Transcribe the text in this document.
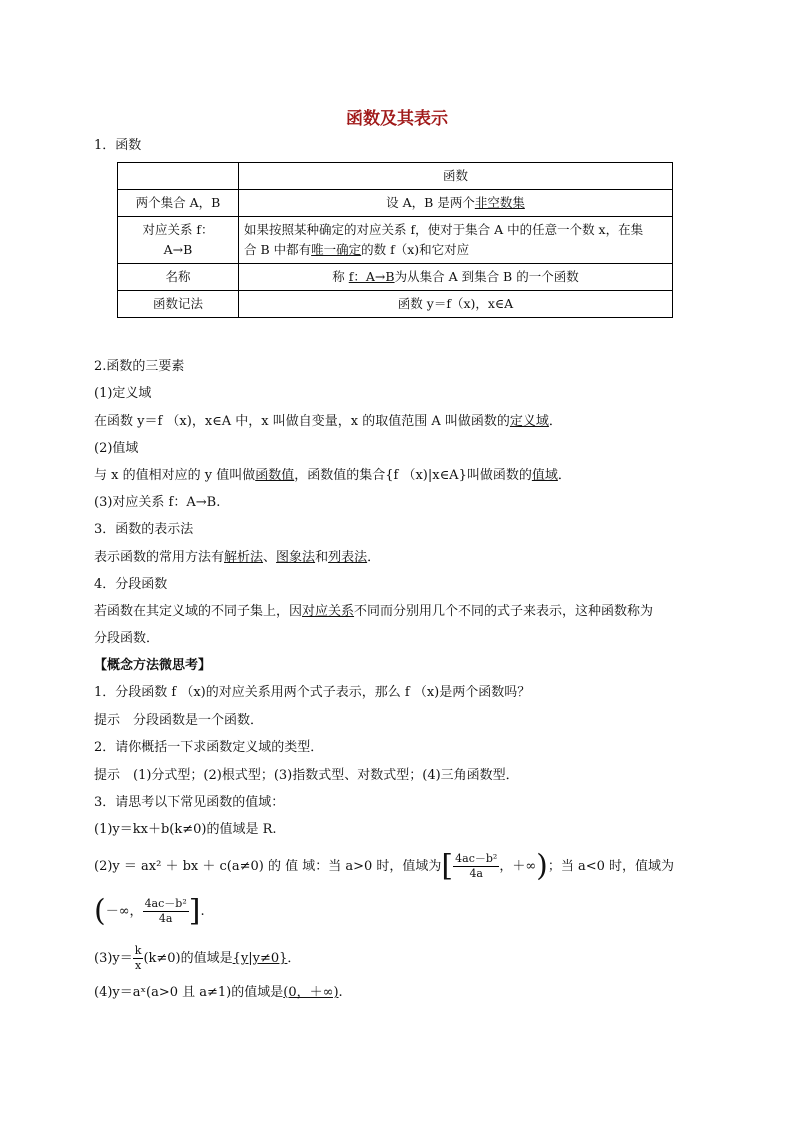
函数及其表示
1．函数
	函数
两个集合 A，B	设 A，B 是两个非空数集
对应关系 f：
A→B	如果按照某种确定的对应关系 f，使对于集合 A 中的任意一个数 x，在集
合 B 中都有唯一确定的数 f（x)和它对应
名称	称 f：A→B为从集合 A 到集合 B 的一个函数
函数记法	函数 y＝f（x)，x∈A
2.函数的三要素
(1)定义域
在函数 y＝f （x)，x∈A 中，x 叫做自变量，x 的取值范围 A 叫做函数的定义域．
(2)值域
与 x 的值相对应的 y 值叫做函数值，函数值的集合{f （x)|x∈A}叫做函数的值域．
(3)对应关系 f：A→B.
3．函数的表示法
表示函数的常用方法有解析法、图象法和列表法．
4．分段函数
若函数在其定义域的不同子集上，因对应关系不同而分别用几个不同的式子来表示，这种函数称为
分段函数．
【概念方法微思考】
1．分段函数 f （x)的对应关系用两个式子表示，那么 f （x)是两个函数吗？
提示　分段函数是一个函数．
2．请你概括一下求函数定义域的类型．
提示　(1)分式型；(2)根式型；(3)指数式型、对数式型；(4)三角函数型．
3．请思考以下常见函数的值域：
(1)y＝kx＋b(k≠0)的值域是 R.
(2)y ＝ ax² ＋ bx ＋ c(a≠0) 的 值 域：当 a>0 时，值域为[ $\frac{\text{4ac－b²}}{4a}$ ，＋∞)；当 a<0 时，值域为
(－∞， $\frac{\text{4ac－b²}}{4a}$ ].
$(3)y= \frac{k}{x} (k\ne 0)$的值域是{y|y≠0}．
(4)y＝aˣ(a>0 且 a≠1)的值域是(0，＋∞).
